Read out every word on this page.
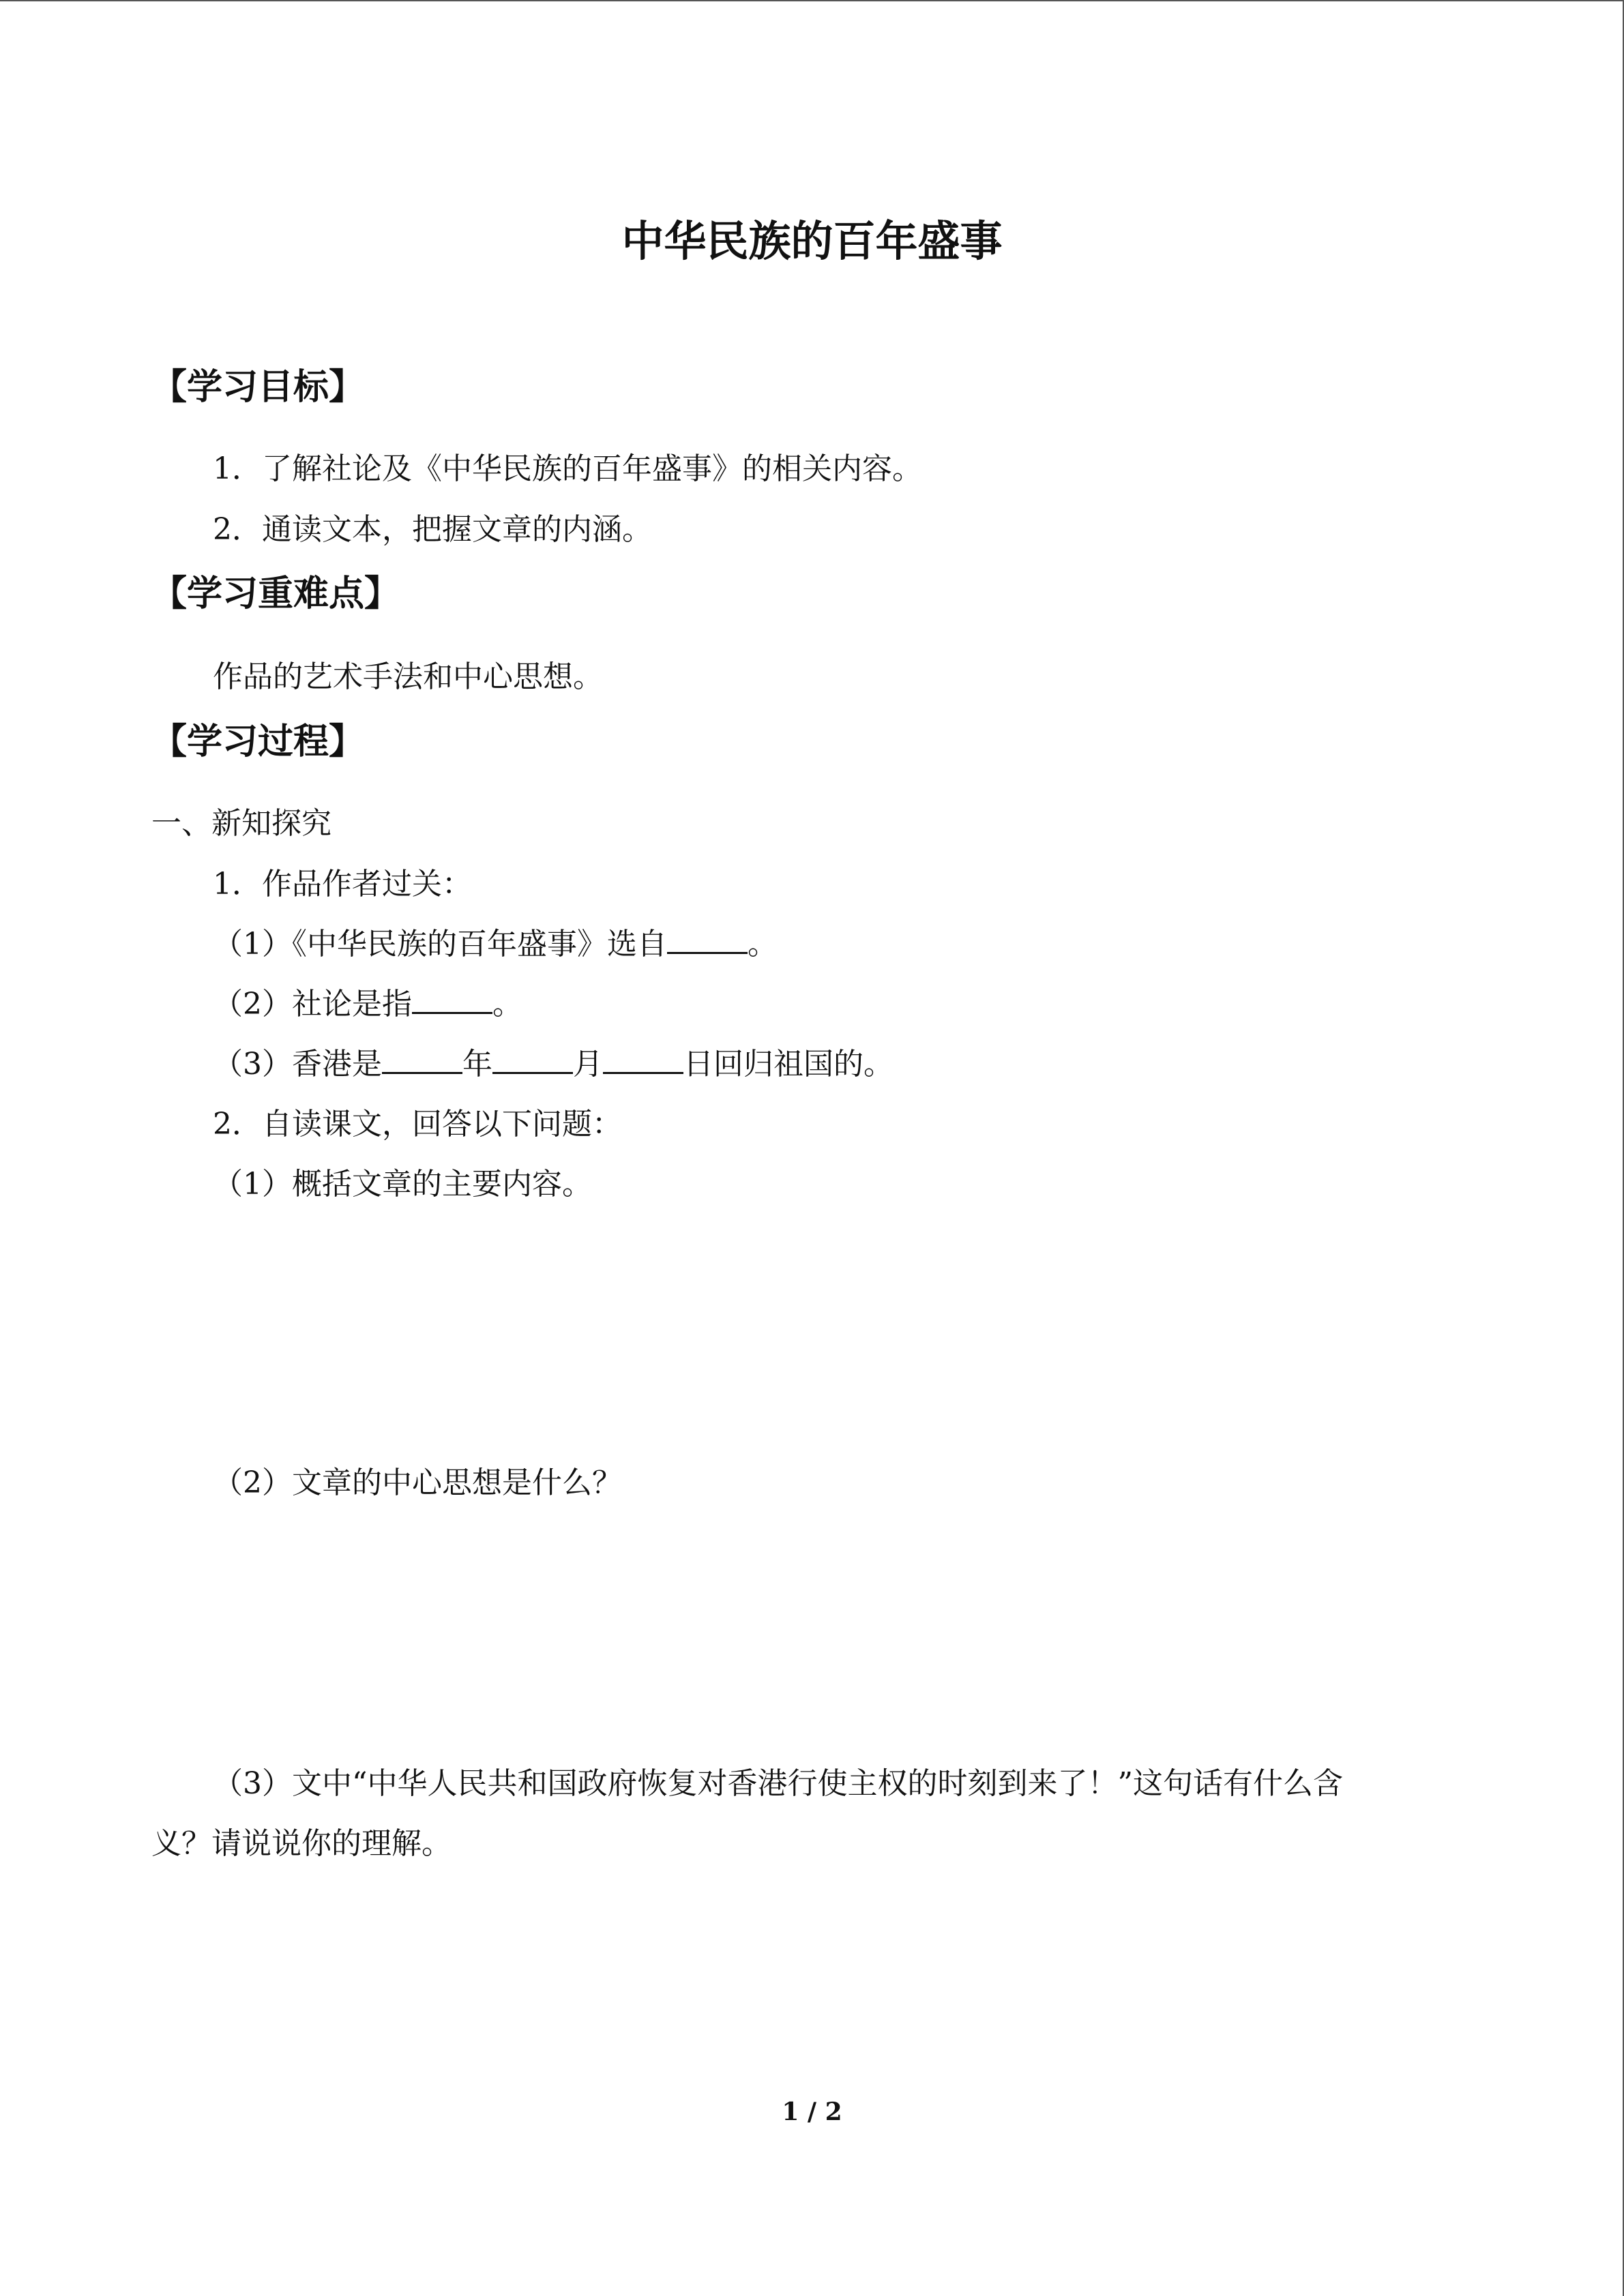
中华民族的百年盛事
【学习目标】
1．了解社论及《中华民族的百年盛事》的相关内容。
2．通读文本，把握文章的内涵。
【学习重难点】
作品的艺术手法和中心思想。
【学习过程】
一、新知探究
1．作品作者过关：
（1）《中华民族的百年盛事》选自	。
（2）社论是指	。
（3）香港是	年	月	日回归祖国的。
2．自读课文，回答以下问题：
（1）概括文章的主要内容。
（2）文章的中心思想是什么？
（3）文中“中华人民共和国政府恢复对香港行使主权的时刻到来了！”这句话有什么含
义？请说说你的理解。
1 / 2
